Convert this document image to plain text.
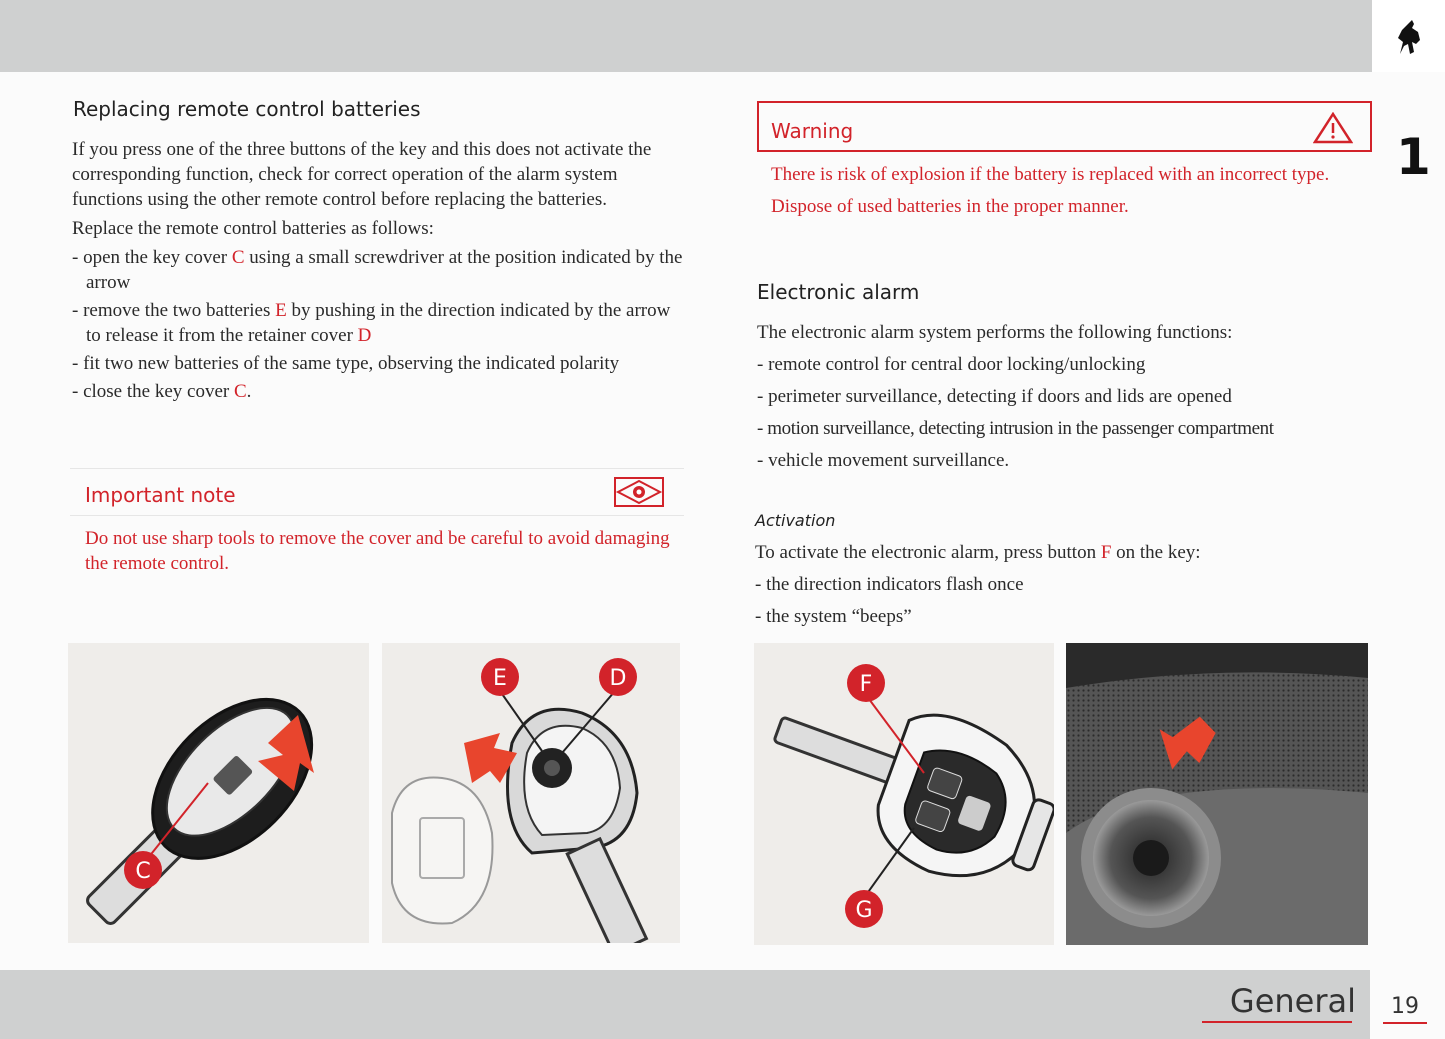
1
Replacing remote control batteries

If you press one of the three buttons of the key and this does not activate the corresponding function, check for correct operation of the alarm system functions using the other remote control before replacing the batteries.

Replace the remote control batteries as follows:

- open the key cover C using a small screwdriver at the position indicated by the arrow
- remove the two batteries E by pushing in the direction indicated by the arrow to release it from the retainer cover D
- fit two new batteries of the same type, observing the indicated polarity
- close the key cover C.
Important note
Do not use sharp tools to remove the cover and be careful to avoid damaging the remote control.
C
E	D
Warning

There is risk of explosion if the battery is replaced with an incorrect type.

Dispose of used batteries in the proper manner.

Electronic alarm

The electronic alarm system performs the following functions:

- remote control for central door locking/unlocking
- perimeter surveillance, detecting if doors and lids are opened
- motion surveillance, detecting intrusion in the passenger compartment
- vehicle movement surveillance.
Activation

To activate the electronic alarm, press button F on the key:

- the direction indicators flash once
- the system “beeps”
F
G
General	19
